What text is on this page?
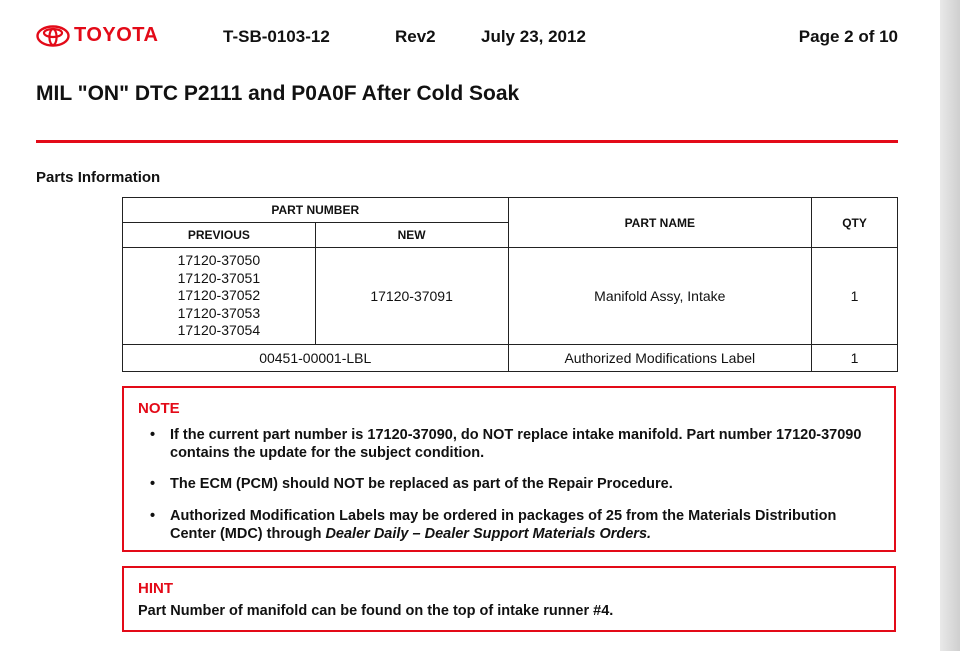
TOYOTA	T-SB-0103-12	Rev2	July 23, 2012	Page 2 of 10
MIL "ON" DTC P2111 and P0A0F After Cold Soak
Parts Information
PART NUMBER		PART NAME	QTY
PREVIOUS	NEW		

17120-37050
17120-37051
17120-37052
17120-37053
17120-37054	17120-37091	Manifold Assy, Intake	1
00451-00001-LBL		Authorized Modifications Label	1
NOTE
• If the current part number is 17120-37090, do NOT replace intake manifold. Part number 17120-37090 contains the update for the subject condition.
• The ECM (PCM) should NOT be replaced as part of the Repair Procedure.
• Authorized Modification Labels may be ordered in packages of 25 from the Materials Distribution Center (MDC) through Dealer Daily – Dealer Support Materials Orders.
HINT
Part Number of manifold can be found on the top of intake runner #4.
